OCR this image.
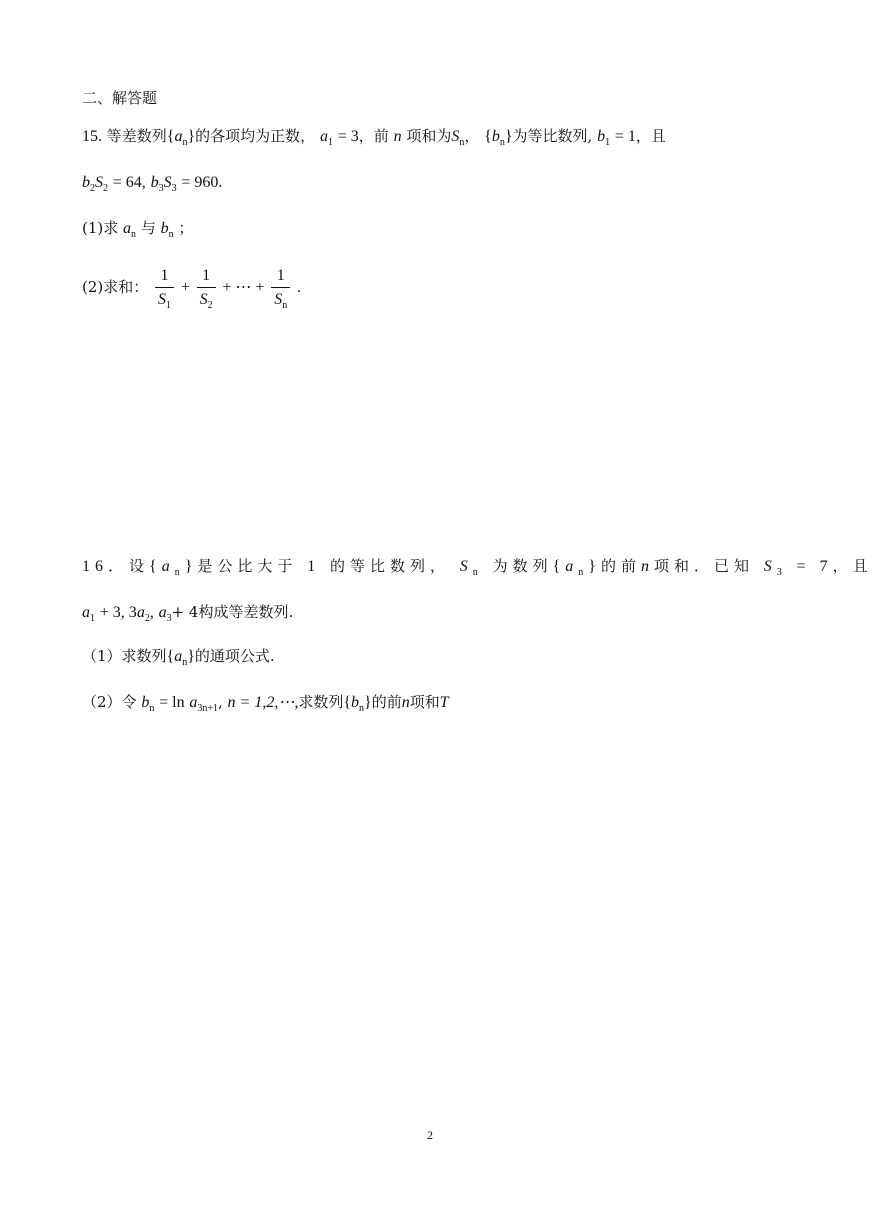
二、解答题
15. 等差数列$\{a_n\}$的各项均为正数， $a_1 = 3$，前 n 项和为$S_n$， $\{b_n\}$为等比数列, $b_1 = 1$，且
$b_2S_2 = 64$, $b_3S_3 = 960$.
(1)求 $a_n$ 与 $b_n$ ；
(2)求和： $\frac{1}{S_1} + \frac{1}{S_2}$ + ⋯ + $\frac{1}{S_n}$ .
16．设$\{a_n\}$是公比大于 1 的等比数列， $S_n$ 为数列$\{a_n\}$的前n项和．已知 $S_3 = 7$，且
$a_1 + 3$, $3a_2$, $a_3+ 4$构成等差数列.
（1）求数列$\{a_n\}$的通项公式.
（2）令 $b_n = \ln a_{3n+1}$, n = 1,2,⋯,求数列$\{b_n\}$的前n项和T
2
